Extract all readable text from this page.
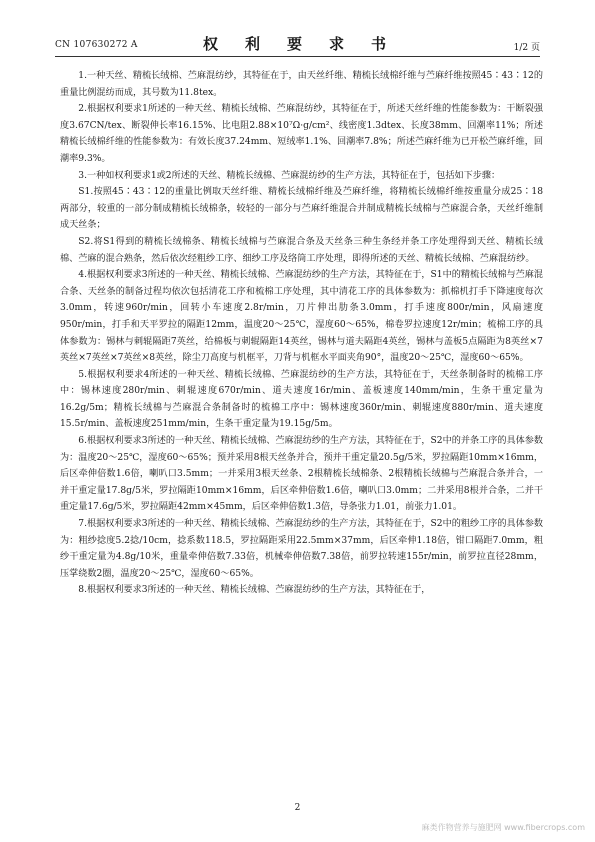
CN 107630272 A	权　利　要　求　书	1/2 页

1.一种天丝、精梳长绒棉、苎麻混纺纱，其特征在于，由天丝纤维、精梳长绒棉纤维与苎麻纤维按照45∶43∶12的重量比例混纺而成，其号数为11.8tex。

2.根据权利要求1所述的一种天丝、精梳长绒棉、苎麻混纺纱，其特征在于，所述天丝纤维的性能参数为：干断裂强度3.67CN/tex、断裂伸长率16.15%、比电阻2.88×10⁷Ω·g/cm²、线密度1.3dtex、长度38mm、回潮率11%；所述精梳长绒棉纤维的性能参数为：有效长度37.24mm、短绒率1.1%、回潮率7.8%；所述苎麻纤维为已开松苎麻纤维，回潮率9.3%。

3.一种如权利要求1或2所述的天丝、精梳长绒棉、苎麻混纺纱的生产方法，其特征在于，包括如下步骤：

S1.按照45∶43∶12的重量比例取天丝纤维、精梳长绒棉纤维及苎麻纤维，将精梳长绒棉纤维按重量分成25∶18两部分，较重的一部分制成精梳长绒棉条，较轻的一部分与苎麻纤维混合并制成精梳长绒棉与苎麻混合条，天丝纤维制成天丝条；

S2.将S1得到的精梳长绒棉条、精梳长绒棉与苎麻混合条及天丝条三种生条经并条工序处理得到天丝、精梳长绒棉、苎麻的混合熟条，然后依次经粗纱工序、细纱工序及络筒工序处理，即得所述的天丝、精梳长绒棉、苎麻混纺纱。

4.根据权利要求3所述的一种天丝、精梳长绒棉、苎麻混纺纱的生产方法，其特征在于，S1中的精梳长绒棉与苎麻混合条、天丝条的制备过程均依次包括清花工序和梳棉工序处理，其中清花工序的具体参数为：抓棉机打手下降速度每次3.0mm，转速960r/min，回转小车速度2.8r/min，刀片伸出肋条3.0mm，打手速度800r/min，风扇速度950r/min，打手和天平罗拉的隔距12mm，温度20～25℃，湿度60～65%，棉卷罗拉速度12r/min；梳棉工序的具体参数为：锡林与刺辊隔距7英丝，给棉板与刺辊隔距14英丝，锡林与道夫隔距4英丝，锡林与盖板5点隔距为8英丝×7英丝×7英丝×7英丝×8英丝，除尘刀高度与机框平，刀背与机框水平面夹角90°，温度20～25℃，湿度60～65%。

5.根据权利要求4所述的一种天丝、精梳长绒棉、苎麻混纺纱的生产方法，其特征在于，天丝条制备时的梳棉工序中：锡林速度280r/min、刺辊速度670r/min、道夫速度16r/min、盖板速度140mm/min，生条干重定量为16.2g/5m；精梳长绒棉与苎麻混合条制备时的梳棉工序中：锡林速度360r/min、刺辊速度880r/min、道夫速度15.5r/min、盖板速度251mm/min，生条干重定量为19.15g/5m。

6.根据权利要求3所述的一种天丝、精梳长绒棉、苎麻混纺纱的生产方法，其特征在于，S2中的并条工序的具体参数为：温度20～25℃，湿度60～65%；预并采用8根天丝条并合，预并干重定量20.5g/5米，罗拉隔距10mm×16mm，后区牵伸倍数1.6倍，喇叭口3.5mm；一并采用3根天丝条、2根精梳长绒棉条、2根精梳长绒棉与苎麻混合条并合，一并干重定量17.8g/5米，罗拉隔距10mm×16mm，后区牵伸倍数1.6倍，喇叭口3.0mm；二并采用8根并合条，二并干重定量17.6g/5米，罗拉隔距42mm×45mm，后区牵伸倍数1.3倍，导条张力1.01，前张力1.01。

7.根据权利要求3所述的一种天丝、精梳长绒棉、苎麻混纺纱的生产方法，其特征在于，S2中的粗纱工序的具体参数为：粗纱捻度5.2捻/10cm，捻系数118.5，罗拉隔距采用22.5mm×37mm，后区牵伸1.18倍，钳口隔距7.0mm，粗纱干重定量为4.8g/10米，重量牵伸倍数7.33倍，机械牵伸倍数7.38倍，前罗拉转速155r/min，前罗拉直径28mm，压掌绕数2圈，温度20～25℃，湿度60～65%。

8.根据权利要求3所述的一种天丝、精梳长绒棉、苎麻混纺纱的生产方法，其特征在于，

2
麻类作物营养与施肥网 www.fibercrops.com
